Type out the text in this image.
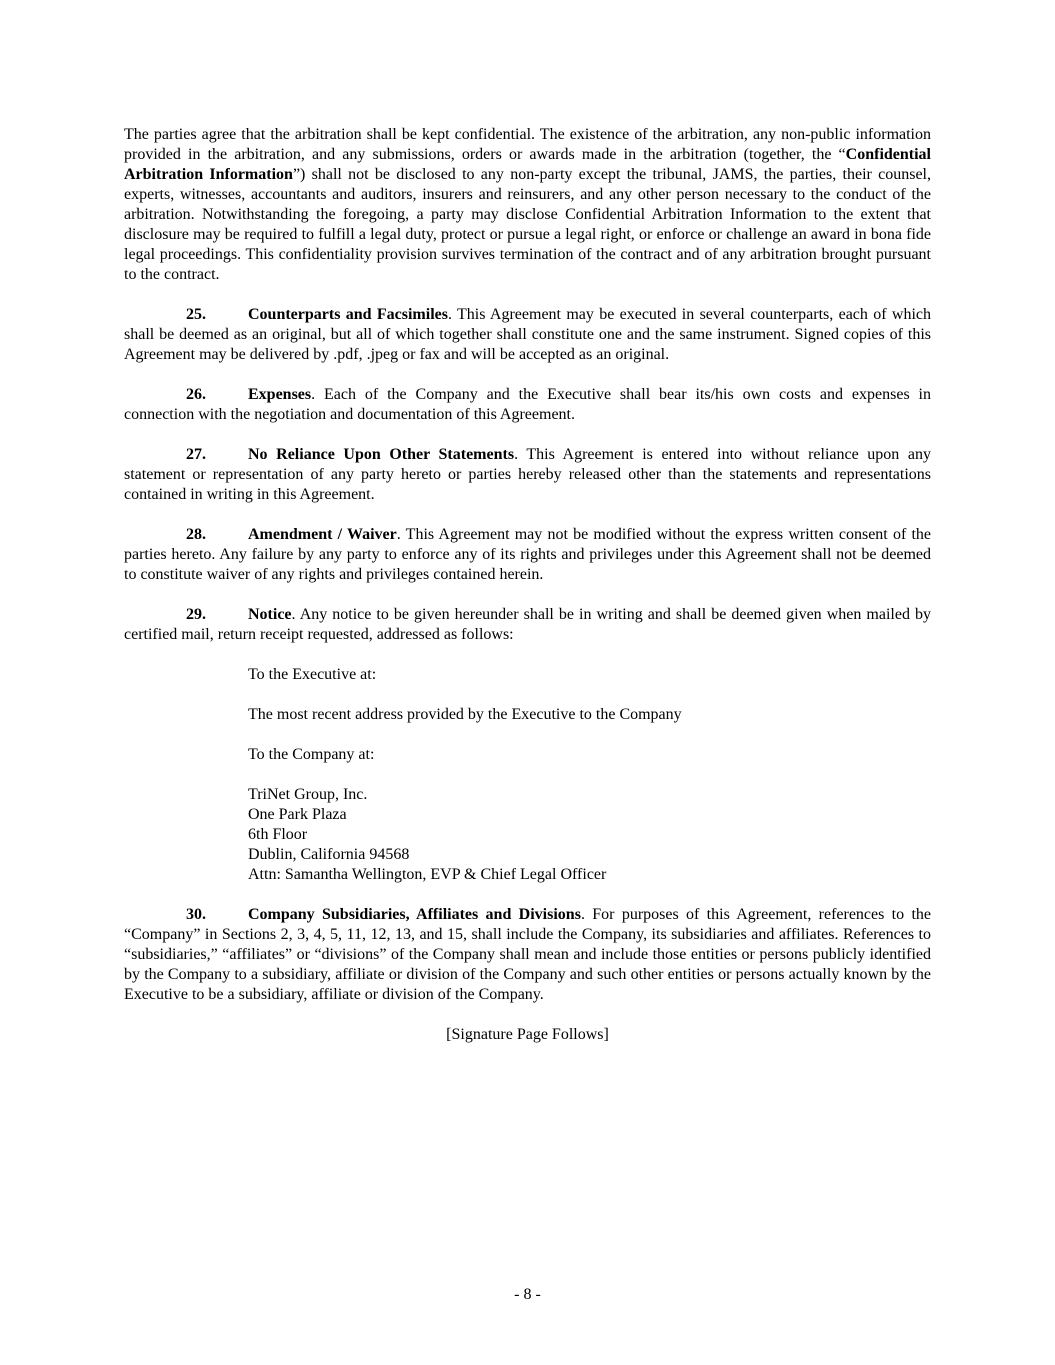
The parties agree that the arbitration shall be kept confidential. The existence of the arbitration, any non-public information provided in the arbitration, and any submissions, orders or awards made in the arbitration (together, the “Confidential Arbitration Information”) shall not be disclosed to any non-party except the tribunal, JAMS, the parties, their counsel, experts, witnesses, accountants and auditors, insurers and reinsurers, and any other person necessary to the conduct of the arbitration. Notwithstanding the foregoing, a party may disclose Confidential Arbitration Information to the extent that disclosure may be required to fulfill a legal duty, protect or pursue a legal right, or enforce or challenge an award in bona fide legal proceedings. This confidentiality provision survives termination of the contract and of any arbitration brought pursuant to the contract.

25.	Counterparts and Facsimiles. This Agreement may be executed in several counterparts, each of which shall be deemed as an original, but all of which together shall constitute one and the same instrument. Signed copies of this Agreement may be delivered by .pdf, .jpeg or fax and will be accepted as an original.

26.	Expenses. Each of the Company and the Executive shall bear its/his own costs and expenses in connection with the negotiation and documentation of this Agreement.

27.	No Reliance Upon Other Statements. This Agreement is entered into without reliance upon any statement or representation of any party hereto or parties hereby released other than the statements and representations contained in writing in this Agreement.

28.	Amendment / Waiver. This Agreement may not be modified without the express written consent of the parties hereto. Any failure by any party to enforce any of its rights and privileges under this Agreement shall not be deemed to constitute waiver of any rights and privileges contained herein.

29.	Notice. Any notice to be given hereunder shall be in writing and shall be deemed given when mailed by certified mail, return receipt requested, addressed as follows:

To the Executive at:

The most recent address provided by the Executive to the Company

To the Company at:

TriNet Group, Inc.

One Park Plaza

6th Floor

Dublin, California 94568

Attn: Samantha Wellington, EVP & Chief Legal Officer

30.	Company Subsidiaries, Affiliates and Divisions. For purposes of this Agreement, references to the “Company” in Sections 2, 3, 4, 5, 11, 12, 13, and 15, shall include the Company, its subsidiaries and affiliates. References to “subsidiaries,” “affiliates” or “divisions” of the Company shall mean and include those entities or persons publicly identified by the Company to a subsidiary, affiliate or division of the Company and such other entities or persons actually known by the Executive to be a subsidiary, affiliate or division of the Company.

[Signature Page Follows]

- 8 -
